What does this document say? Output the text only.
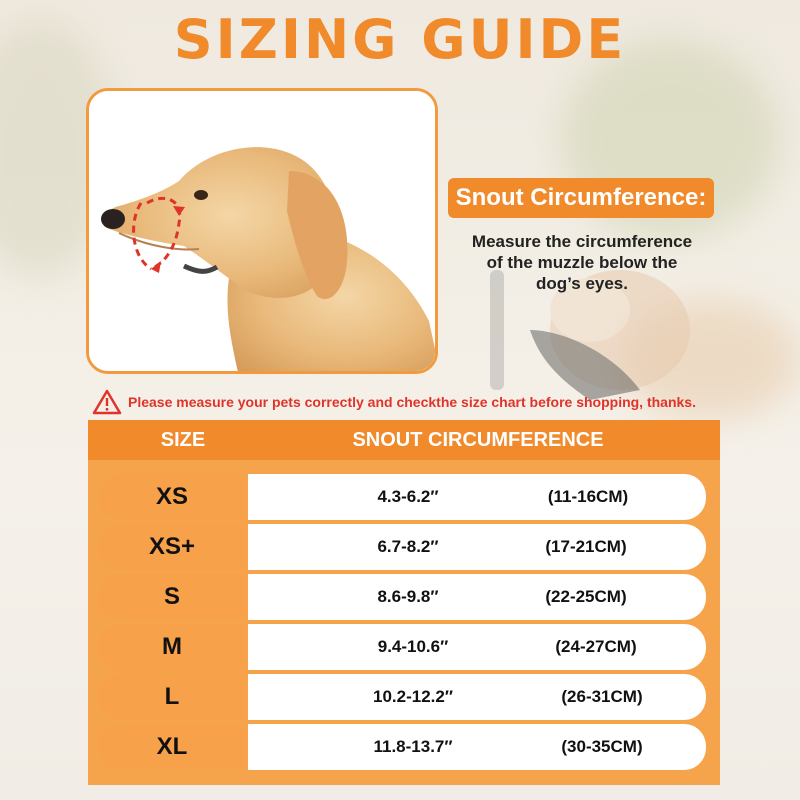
SIZING GUIDE
Snout Circumference:
Measure the circumference
of the muzzle below the
dog’s eyes.
Please measure your pets correctly and checkthe size chart before shopping, thanks.
SIZE	SNOUT CIRCUMFERENCE
XS	4.3-6.2″	(11-16CM)
XS+	6.7-8.2″	(17-21CM)
S	8.6-9.8″	(22-25CM)
M	9.4-10.6″	(24-27CM)
L	10.2-12.2″	(26-31CM)
XL	11.8-13.7″	(30-35CM)
